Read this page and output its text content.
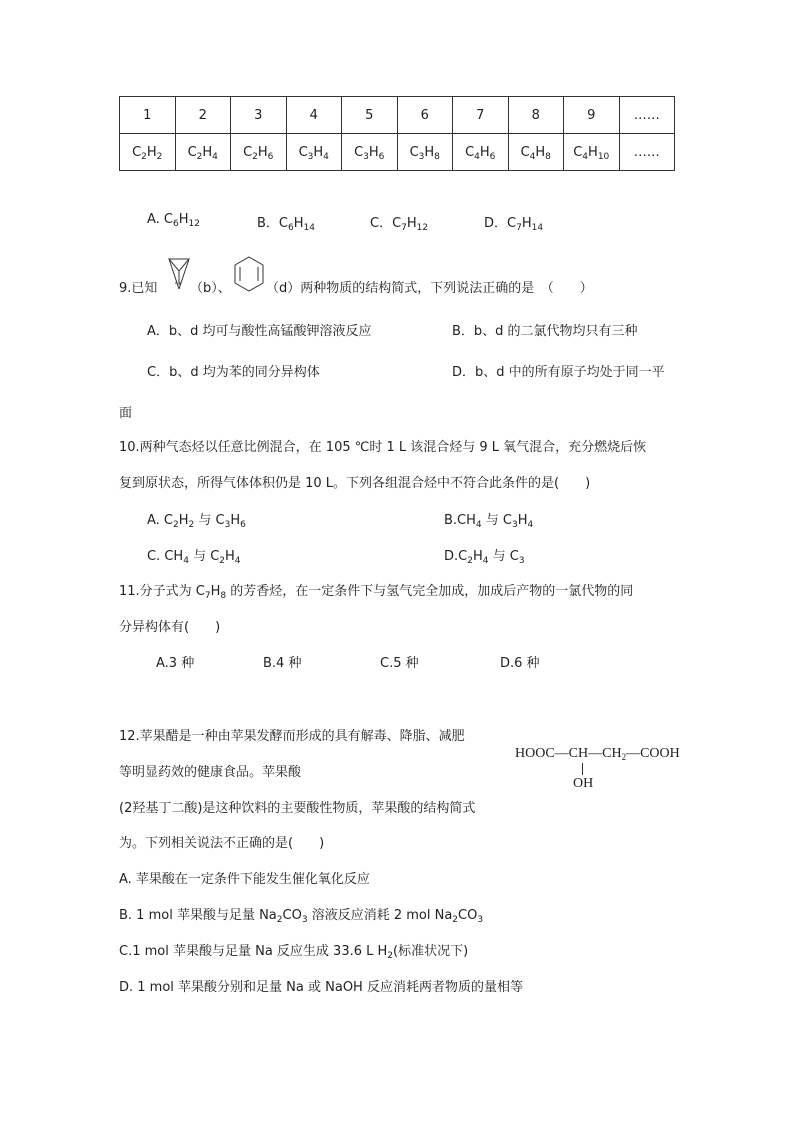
1	2	3	4	5	6	7	8	9	……
$C_2H_2$	$C_2H_4$	$C_2H_6$	$C_3H_4$	$C_3H_6$	$C_3H_8$	$C_4H_6$	$C_4H_8$	$C_4H_{10}$	……
A. $C_6H_{12}$	B．$C_6H_{14}$	C．$C_7H_{12}$	D．$C_7H_{14}$
9.已知	（b）、	（d）两种物质的结构简式，下列说法正确的是　（　　）
A．b、d 均可与酸性高锰酸钾溶液反应	B．b、d 的二氯代物均只有三种
C．b、d 均为苯的同分异构体	D．b、d 中的所有原子均处于同一平
面
10.两种气态烃以任意比例混合，在 105 ℃时 1 L 该混合烃与 9 L 氧气混合，充分燃烧后恢
复到原状态，所得气体体积仍是 10 L。下列各组混合烃中不符合此条件的是(　　)
A. $C_2H_2$ 与 $C_3H_6$	$B.CH_4$ 与 $C_3H_4$
C. $CH_4$ 与 $C_2H_4$	$D.C_2H_4$ 与 $C_3$
11.分子式为 $C_7H_8$ 的芳香烃，在一定条件下与氢气完全加成，加成后产物的一氯代物的同
分异构体有(　　)
A.3 种	B.4 种	C.5 种	D.6 种
12.苹果醋是一种由苹果发酵而形成的具有解毒、降脂、减肥
等明显药效的健康食品。苹果酸
(2羟基丁二酸)是这种饮料的主要酸性物质，苹果酸的结构简式
为。下列相关说法不正确的是(　　)
$HOOC—CH—CH_2—COOH$
OH
A. 苹果酸在一定条件下能发生催化氧化反应
B. 1 mol 苹果酸与足量 $Na_2CO_3$ 溶液反应消耗 2 mol $Na_2CO_3$
C.1 mol 苹果酸与足量 Na 反应生成 33.6 L $H_2$(标准状况下)
D. 1 mol 苹果酸分别和足量 Na 或 NaOH 反应消耗两者物质的量相等
